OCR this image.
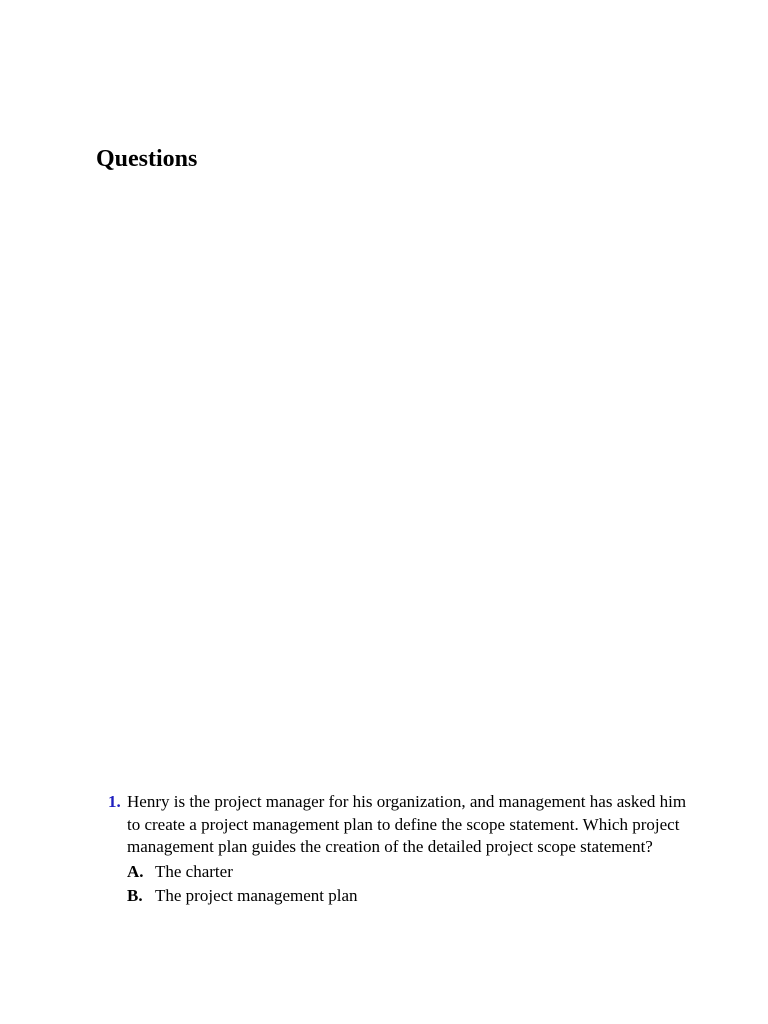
Questions
1. Henry is the project manager for his organization, and management has asked him to create a project management plan to define the scope statement. Which project management plan guides the creation of the detailed project scope statement?
A. The charter
B. The project management plan
